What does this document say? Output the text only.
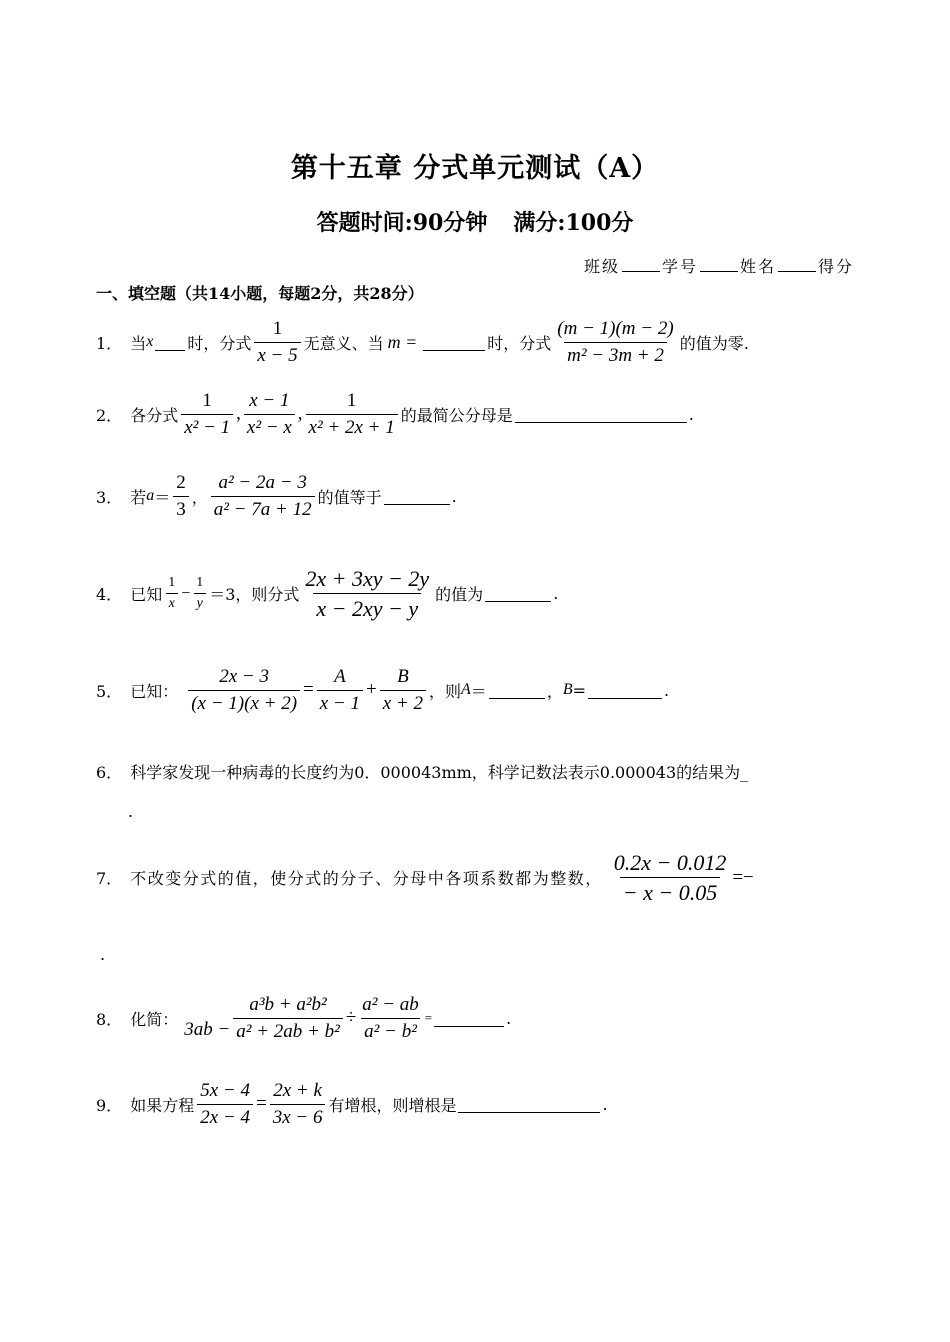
第十五章 分式单元测试（A）
答题时间:90分钟 满分:100分
班级	学号	姓名	得分
一、填空题（共14小题，每题2分，共28分）
1． 当 x 时，分式 $\frac{1}{x - 5}$ 无意义、当 m =	时，分式 $\frac{(m - 1)(m - 2)}{\text{m² − 3m + 2}}$ 的值为零.
2． 各分式 $\frac{1}{\text{x² − 1}}$ , $\frac{x - 1}{\text{x² − x}}$ , $\frac{1}{\text{x² + 2x + 1}}$ 的最简公分母是	.
3． 若 $a = \frac{2}{3}$ ， $\frac{\text{a² − 2a − 3}}{\text{a² − 7a + 12}}$ 的值等于	.
4． 已知 $\frac{1}{x} - \frac{1}{y} =3$，则分式 $\frac{2x + 3xy - 2y}{x - 2xy - y}$ 的值为	.
5． 已知： $\frac{2x - 3}{(x - 1)(x + 2)} = \frac{A}{x - 1} + \frac{B}{x + 2}$ ，则 A ＝	， B =	.
6． 科学家发现一种病毒的长度约为0．000043mm，科学记数法表示0.000043的结果为_
.
7． 不改变分式的值，使分式的分子、分母中各项系数都为整数， $\frac{0.2x - 0.012}{- x - 0.05}$ =−
.
8． 化简： $3ab - \frac{\text{a³b + a²b²}}{\text{a² + 2ab + b²}} \div \frac{\text{a² − ab}}{\text{a² − b²}}$ =	.
9． 如果方程 $\frac{5x - 4}{2x - 4} = \frac{2x + k}{3x - 6}$ 有增根，则增根是	.
